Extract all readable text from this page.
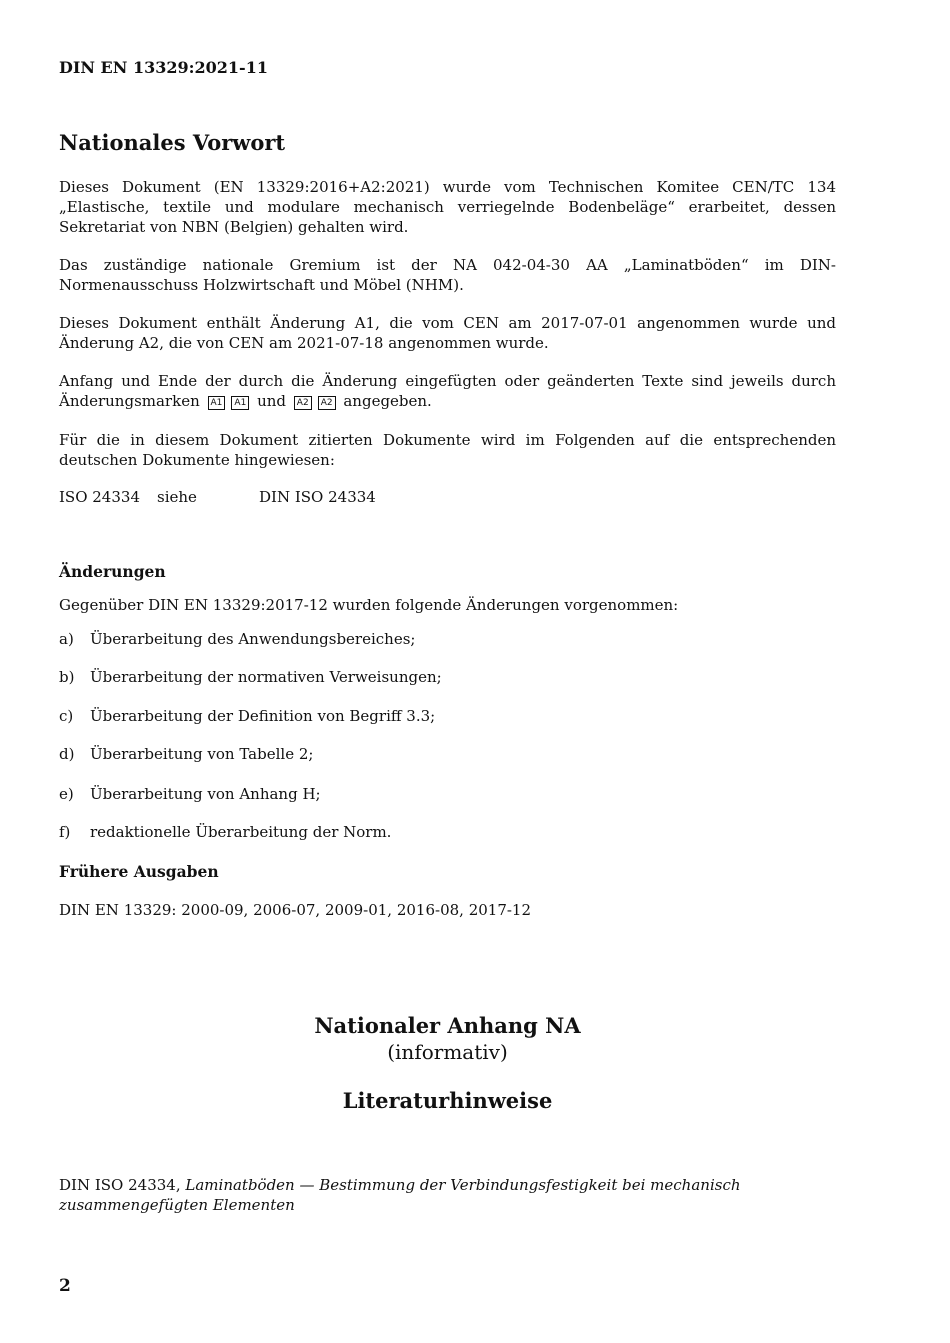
DIN EN 13329:2021-11
Nationales Vorwort
Dieses Dokument (EN 13329:2016+A2:2021) wurde vom Technischen Komitee CEN/TC 134 „Elastische, textile und modulare mechanisch verriegelnde Bodenbeläge“ erarbeitet, dessen Sekretariat von NBN (Belgien) gehalten wird.
Das zuständige nationale Gremium ist der NA 042-04-30 AA „Laminatböden“ im DIN-Normenausschuss Holzwirtschaft und Möbel (NHM).
Dieses Dokument enthält Änderung A1, die vom CEN am 2017-07-01 angenommen wurde und Änderung A2, die von CEN am 2021-07-18 angenommen wurde.
Anfang und Ende der durch die Änderung eingefügten oder geänderten Texte sind jeweils durch Änderungsmarken A1 A1 und A2 A2 angegeben.
Für die in diesem Dokument zitierten Dokumente wird im Folgenden auf die entsprechenden deutschen Dokumente hingewiesen:
ISO 24334 siehe	DIN ISO 24334
Änderungen
Gegenüber DIN EN 13329:2017-12 wurden folgende Änderungen vorgenommen:
a)	Überarbeitung des Anwendungsbereiches;
b)	Überarbeitung der normativen Verweisungen;
c)	Überarbeitung der Definition von Begriff 3.3;
d)	Überarbeitung von Tabelle 2;
e)	Überarbeitung von Anhang H;
f)	redaktionelle Überarbeitung der Norm.
Frühere Ausgaben
DIN EN 13329: 2000-09, 2006-07, 2009-01, 2016-08, 2017-12
Nationaler Anhang NA
(informativ)
Literaturhinweise
DIN ISO 24334, Laminatböden — Bestimmung der Verbindungsfestigkeit bei mechanisch zusammengefügten Elementen
2
